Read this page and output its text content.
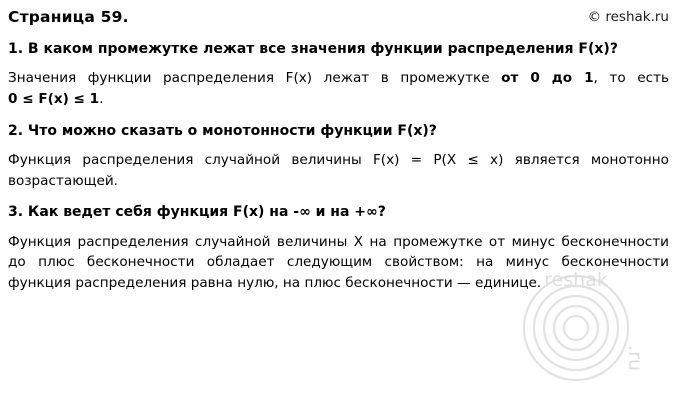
Страница 59.	© reshak.ru
1. В каком промежутке лежат все значения функции распределения F(x)?
Значения функции распределения F(x) лежат в промежутке от 0 до 1, то есть 0 ≤ F(x) ≤ 1.
2. Что можно сказать о монотонности функции F(x)?
Функция распределения случайной величины F(x) = P(X ≤ x) является монотонно возрастающей.
3. Как ведет себя функция F(x) на -∞ и на +∞?
Функция распределения случайной величины X на промежутке от минус бесконечности до плюс бесконечности обладает следующим свойством: на минус бесконечности функция распределения равна нулю, на плюс бесконечности — единице. reshak
.ru
